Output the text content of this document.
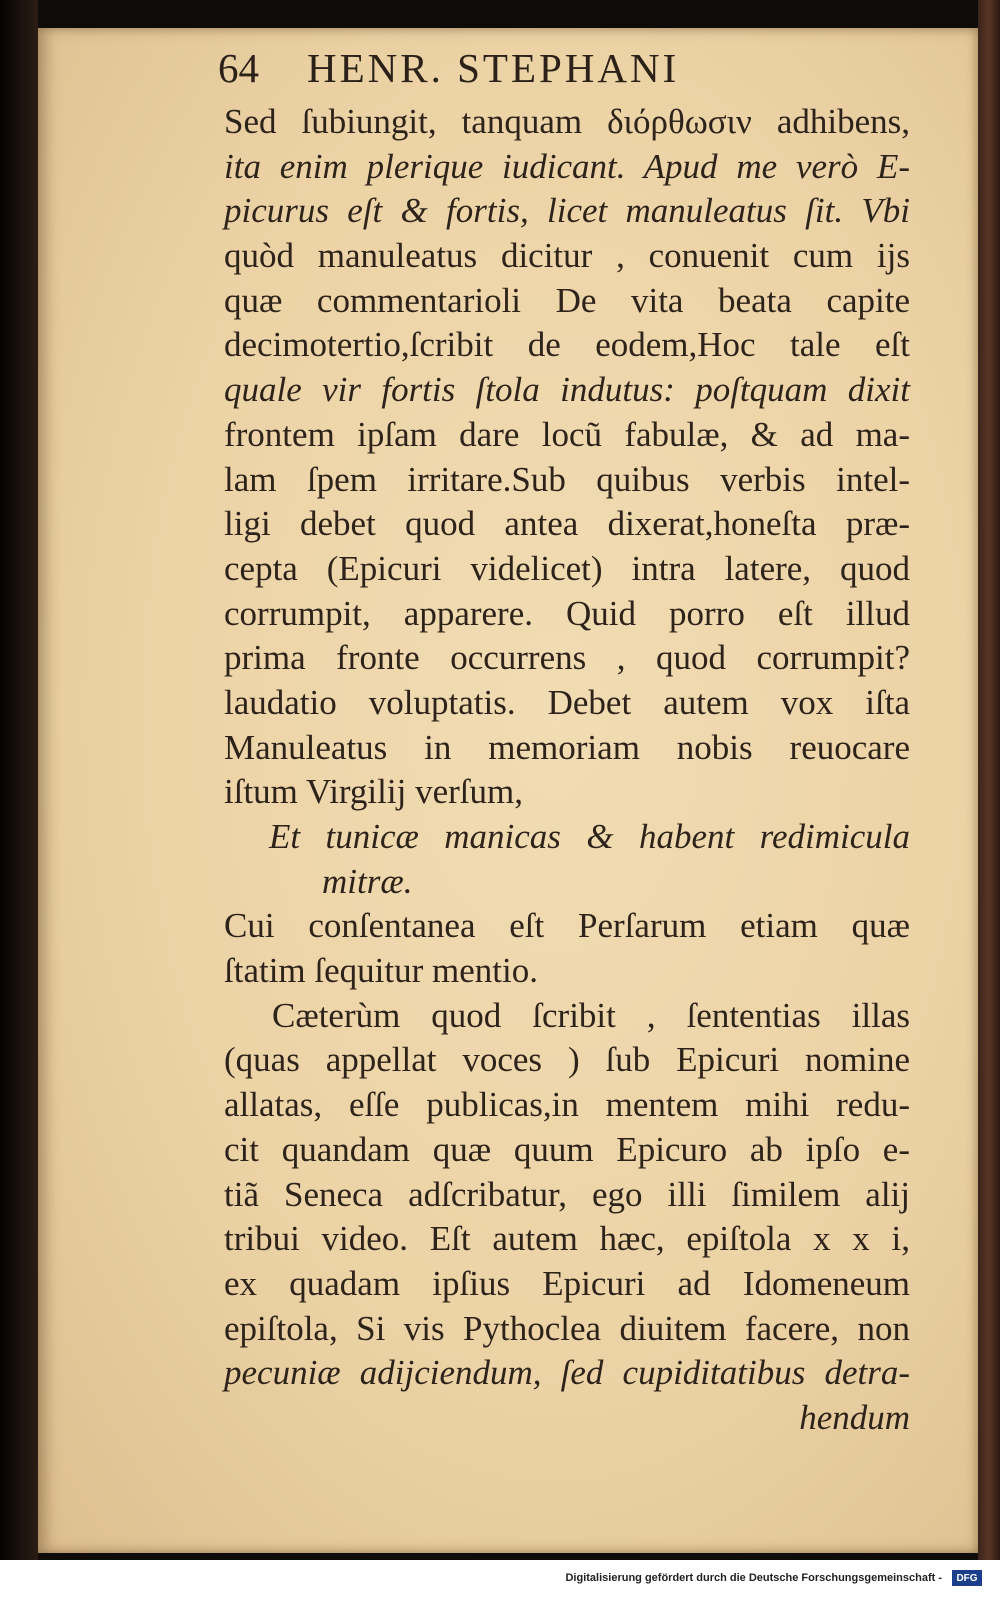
64 HENR. STEPHANI
Sed ſubiungit, tanquam διόρθωσιν adhibens,
ita enim plerique iudicant. Apud me verò E-
picurus eſt & fortis, licet manuleatus ſit. Vbi
quòd manuleatus dicitur , conuenit cum ijs
quæ commentarioli De vita beata capite
decimotertio,ſcribit de eodem,Hoc tale eſt
quale vir fortis ſtola indutus: poſtquam dixit
frontem ipſam dare locũ fabulæ, & ad ma-
lam ſpem irritare.Sub quibus verbis intel-
ligi debet quod antea dixerat,honeſta præ-
cepta (Epicuri videlicet) intra latere, quod
corrumpit, apparere. Quid porro eſt illud
prima fronte occurrens , quod corrumpit?
laudatio voluptatis. Debet autem vox iſta
Manuleatus in memoriam nobis reuocare
iſtum Virgilij verſum,
Et tunicæ manicas & habent redimicula
mitræ.
Cui conſentanea eſt Perſarum etiam quæ
ſtatim ſequitur mentio.
Cæterùm quod ſcribit , ſententias illas
(quas appellat voces ) ſub Epicuri nomine
allatas, eſſe publicas,in mentem mihi redu-
cit quandam quæ quum Epicuro ab ipſo e-
tiã Seneca adſcribatur, ego illi ſimilem alij
tribui video. Eſt autem hæc, epiſtola x x i,
ex quadam ipſius Epicuri ad Idomeneum
epiſtola, Si vis Pythoclea diuitem facere, non
pecuniæ adijciendum, ſed cupiditatibus detra-
hendum
Digitalisierung gefördert durch die Deutsche Forschungsgemeinschaft -	DFG
